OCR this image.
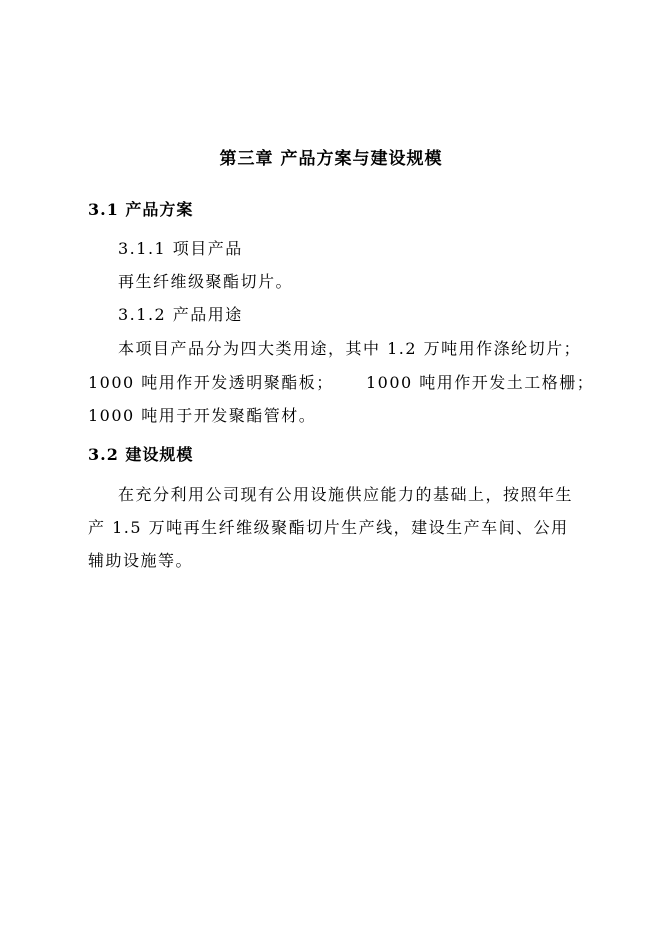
第三章 产品方案与建设规模
3.1 产品方案
3.1.1 项目产品
再生纤维级聚酯切片。
3.1.2 产品用途
本项目产品分为四大类用途，其中 1.2 万吨用作涤纶切片；
1000 吨用作开发透明聚酯板； 1000 吨用作开发土工格栅；
1000 吨用于开发聚酯管材。
3.2 建设规模
在充分利用公司现有公用设施供应能力的基础上，按照年生
产 1.5 万吨再生纤维级聚酯切片生产线，建设生产车间、公用
辅助设施等。
